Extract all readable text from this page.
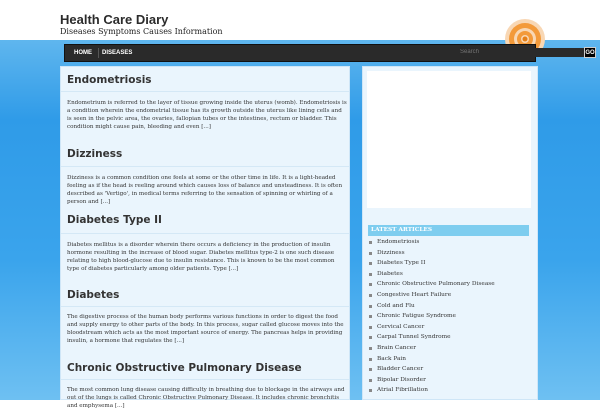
Health Care Diary
Diseases Symptoms Causes Information
HOME DISEASES
Search	GO
Endometriosis
Endometrium is referred to the layer of tissue growing inside the uterus (womb). Endometriosis is a condition wherein the endometrial tissue has its growth outside the uterus like lining cells and is seen in the pelvic area, the ovaries, fallopian tubes or the intestines, rectum or bladder. This condition might cause pain, bleeding and even [...]
Dizziness
Dizziness is a common condition one feels at some or the other time in life. It is a light-headed feeling as if the head is reeling around which causes loss of balance and unsteadiness. It is often described as 'Vertigo', in medical terms referring to the sensation of spinning or whirling of a person and [...]
Diabetes Type II
Diabetes mellitus is a disorder wherein there occurs a deficiency in the production of insulin hormone resulting in the increase of blood sugar. Diabetes mellitus type-2 is one such disease relating to high blood-glucose due to insulin resistance. This is known to be the most common type of diabetes particularly among older patients. Type [...]
Diabetes
The digestive process of the human body performs various functions in order to digest the food and supply energy to other parts of the body. In this process, sugar called glucose moves into the bloodstream which acts as the most important source of energy. The pancreas helps in providing insulin, a hormone that regulates the [...]
Chronic Obstructive Pulmonary Disease
The most common lung disease causing difficulty in breathing due to blockage in the airways and out of the lungs is called Chronic Obstructive Pulmonary Disease. It includes chronic bronchitis and emphysema [...]
LATEST ARTICLES
Endometriosis
Dizziness
Diabetes Type II
Diabetes
Chronic Obstructive Pulmonary Disease
Congestive Heart Failure
Cold and Flu
Chronic Fatigue Syndrome
Cervical Cancer
Carpal Tunnel Syndrome
Brain Cancer
Back Pain
Bladder Cancer
Bipolar Disorder
Atrial Fibrillation
